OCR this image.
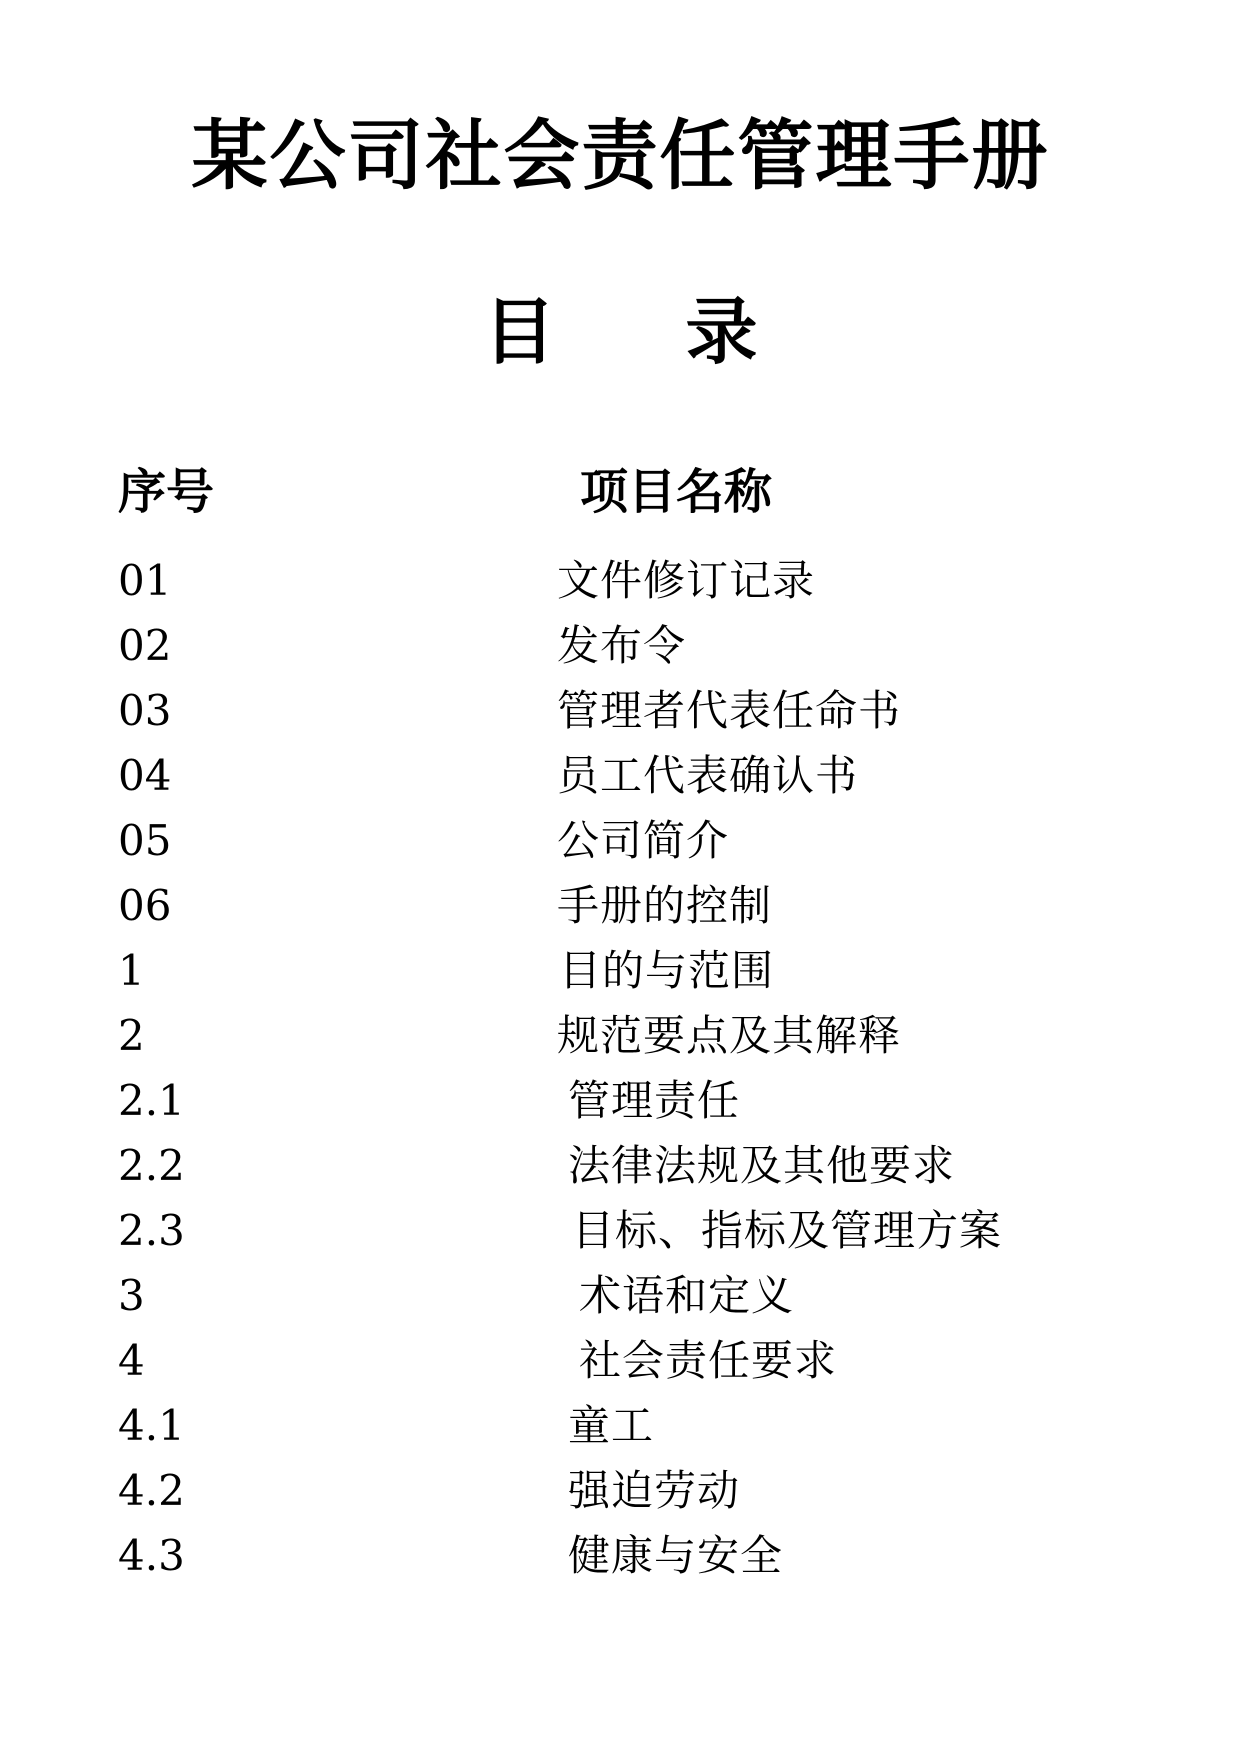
某公司社会责任管理手册
目 录
序号	项目名称
01	文件修订记录
02	发布令
03	管理者代表任命书
04	员工代表确认书
05	公司简介
06	手册的控制
1	目的与范围
2	规范要点及其解释
2.1	管理责任
2.2	法律法规及其他要求
2.3	目标、指标及管理方案
3	术语和定义
4	社会责任要求
4.1	童工
4.2	强迫劳动
4.3	健康与安全
